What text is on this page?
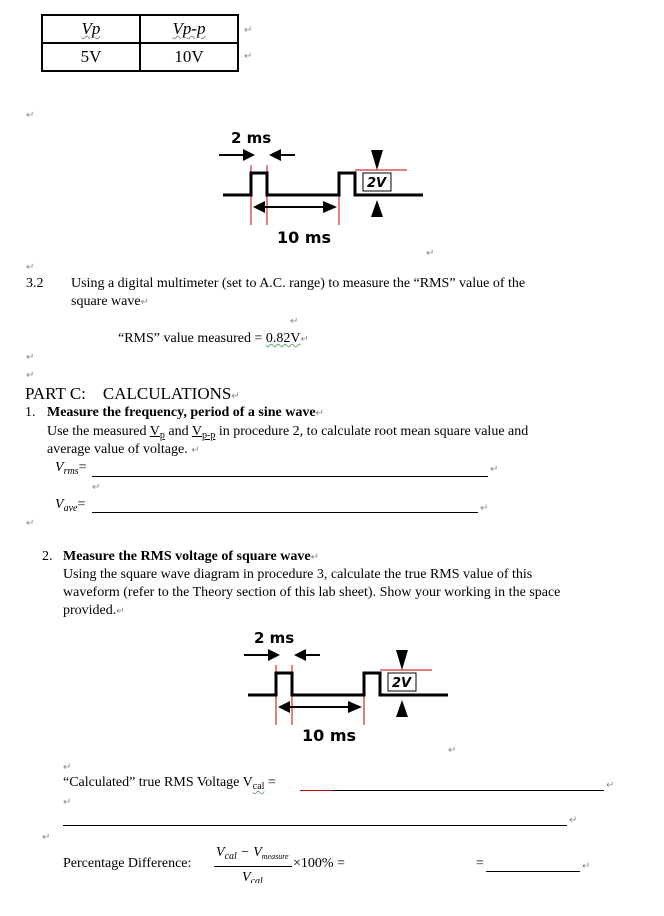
Vp	Vp-p
5V	10V
↵
↵
↵
2 ms
2V
10 ms
↵
↵
3.2 Using a digital multimeter (set to A.C. range) to measure the “RMS” value of the
square wave↵
↵
“RMS” value measured = 0.82V↵
↵
↵
PART C:    CALCULATIONS↵
1. Measure the frequency, period of a sine wave↵
Use the measured $V_p$ and $V_{p-p}$ in procedure 2, to calculate root mean square value and
average value of voltage. ↵
$V_{rms}=$	↵
↵
$V_{ave}=$	↵
↵
2. Measure the RMS voltage of square wave↵
Using the square wave diagram in procedure 3, calculate the true RMS value of this
waveform (refer to the Theory section of this lab sheet). Show your working in the space
provided.↵
2 ms
2V
10 ms
↵
↵
“Calculated” true RMS Voltage $V_{cal}$ =	↵
↵
↵
↵
Percentage Difference:
$V_{cal} - V_{measure}$
$V_{cal}$
×100% =	=	↵
